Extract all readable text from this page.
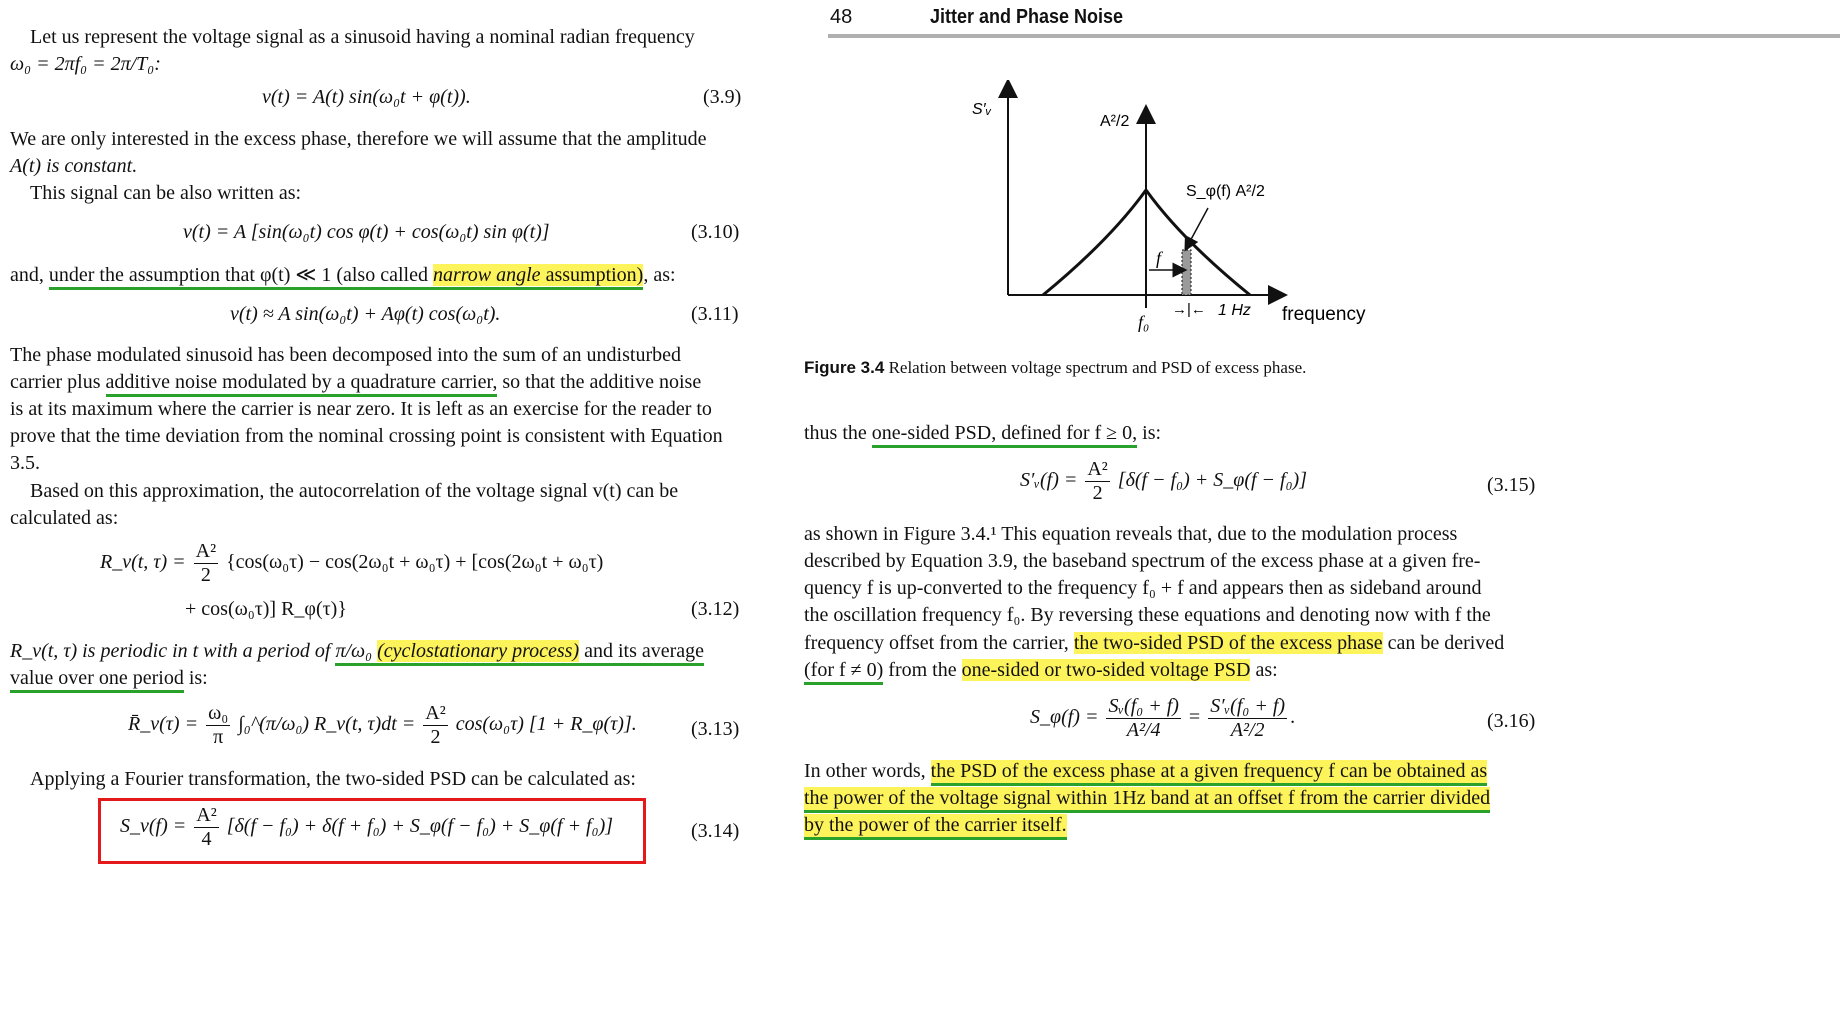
Let us represent the voltage signal as a sinusoid having a nominal radian frequency
ω₀ = 2πf₀ = 2π/T₀:
v(t) = A(t) sin(ω₀t + φ(t)).	(3.9)
We are only interested in the excess phase, therefore we will assume that the amplitude
A(t) is constant.
This signal can be also written as:
v(t) = A [sin(ω₀t) cos φ(t) + cos(ω₀t) sin φ(t)]	(3.10)
and, under the assumption that φ(t) ≪ 1 (also called narrow angle assumption), as:
v(t) ≈ A sin(ω₀t) + Aφ(t) cos(ω₀t).	(3.11)
The phase modulated sinusoid has been decomposed into the sum of an undisturbed
carrier plus additive noise modulated by a quadrature carrier, so that the additive noise
is at its maximum where the carrier is near zero. It is left as an exercise for the reader to
prove that the time deviation from the nominal crossing point is consistent with Equation
3.5.
Based on this approximation, the autocorrelation of the voltage signal v(t) can be
calculated as:
R_v(t, $\tau) = \frac{\text{A²}}{2} \{\cos(\omega_0\tau) - \cos(2\omega_0t + \omega_0\tau) + [\cos(2\omega_0t + \omega_0\tau)$
+ cos(ω₀τ)] R_φ(τ)}	(3.12)
R_v(t, τ) is periodic in t with a period of π/ω₀ (cyclostationary process) and its average
value over one period is:
R̄_v(τ) = $\frac{\text{ω₀}}{\pi}$ ∫₀^(π/ω₀) R_v(t, $\tau)dt = \frac{\text{A²}}{2} \cos(\omega_0\tau) [1$ + R_φ(τ)].	(3.13)
Applying a Fourier transformation, the two-sided PSD can be calculated as:
S_v(f) = $\frac{\text{A²}}{4} [\delta(f - f_0) + \delta(f + f_0)$ + S_φ(f − f₀) + S_φ(f + f₀)]	(3.14)
48	Jitter and Phase Noise
S′ᵥ
A²/2
S_φ(f) A²/2
f
f₀
→|← 1 Hz frequency
Figure 3.4 Relation between voltage spectrum and PSD of excess phase.
thus the one-sided PSD, defined for f ≥ 0, is:
S′ᵥ(f) = $\frac{\text{A²}}{2} [\delta(f - f_0)$ + S_φ(f − f₀)]	(3.15)
as shown in Figure 3.4.¹ This equation reveals that, due to the modulation process
described by Equation 3.9, the baseband spectrum of the excess phase at a given fre-
quency f is up-converted to the frequency f₀ + f and appears then as sideband around
the oscillation frequency f₀. By reversing these equations and denoting now with f the
frequency offset from the carrier, the two-sided PSD of the excess phase can be derived
(for f ≠ 0) from the one-sided or two-sided voltage PSD as:
S_φ(f) = $\frac{\text{Sᵥ(f₀ + f)}}{\text{A²/4}} = \frac{\text{S′ᵥ(f₀ + f)}}{\text{A²/2}}$ .	(3.16)
In other words, the PSD of the excess phase at a given frequency f can be obtained as
the power of the voltage signal within 1Hz band at an offset f from the carrier divided
by the power of the carrier itself.
